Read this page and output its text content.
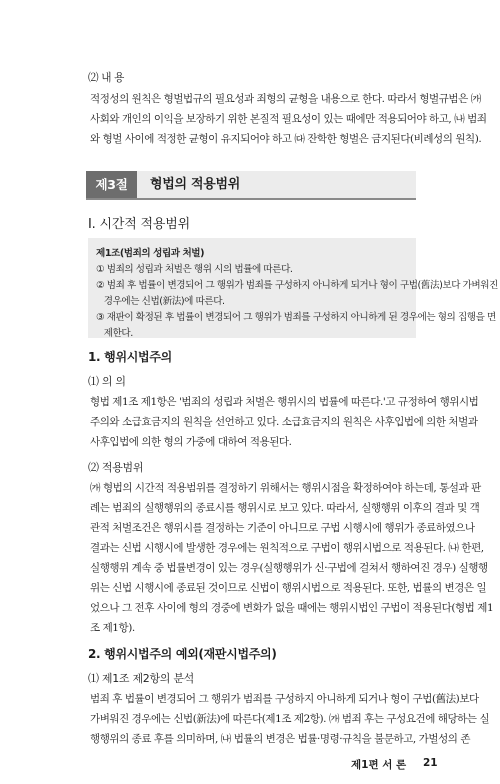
⑵ 내 용
적정성의 원칙은 형벌법규의 필요성과 죄형의 균형을 내용으로 한다. 따라서 형벌규범은 ㈎
사회와 개인의 이익을 보장하기 위한 본질적 필요성이 있는 때에만 적용되어야 하고, ㈏ 범죄
와 형벌 사이에 적정한 균형이 유지되어야 하고 ㈐ 잔학한 형벌은 금지된다(비례성의 원칙).
제3절	형법의 적용범위
Ⅰ. 시간적 적용범위
제1조(범죄의 성립과 처벌)
① 범죄의 성립과 처벌은 행위 시의 법률에 따른다.
② 범죄 후 법률이 변경되어 그 행위가 범죄를 구성하지 아니하게 되거나 형이 구법(舊法)보다 가벼워진
경우에는 신법(新法)에 따른다.
③ 재판이 확정된 후 법률이 변경되어 그 행위가 범죄를 구성하지 아니하게 된 경우에는 형의 집행을 면
제한다.
1. 행위시법주의
⑴ 의 의
형법 제1조 제1항은 '범죄의 성립과 처벌은 행위시의 법률에 따른다.'고 규정하여 행위시법
주의와 소급효금지의 원칙을 선언하고 있다. 소급효금지의 원칙은 사후입법에 의한 처벌과
사후입법에 의한 형의 가중에 대하여 적용된다.
⑵ 적용범위
㈎ 형법의 시간적 적용범위를 결정하기 위해서는 행위시점을 확정하여야 하는데, 통설과 판
례는 범죄의 실행행위의 종료시를 행위시로 보고 있다. 따라서, 실행행위 이후의 결과 및 객
관적 처벌조건은 행위시를 결정하는 기준이 아니므로 구법 시행시에 행위가 종료하였으나
결과는 신법 시행시에 발생한 경우에는 원칙적으로 구법이 행위시법으로 적용된다. ㈏ 한편,
실행행위 계속 중 법률변경이 있는 경우(실행행위가 신·구법에 걸쳐서 행하여진 경우) 실행행
위는 신법 시행시에 종료된 것이므로 신법이 행위시법으로 적용된다. 또한, 법률의 변경은 일
었으나 그 전후 사이에 형의 경중에 변화가 없을 때에는 행위시법인 구법이 적용된다(형법 제1
조 제1항).
2. 행위시법주의 예외(재판시법주의)
⑴ 제1조 제2항의 분석
범죄 후 법률이 변경되어 그 행위가 범죄를 구성하지 아니하게 되거나 형이 구법(舊法)보다
가벼워진 경우에는 신법(新法)에 따른다(제1조 제2항). ㈎ 범죄 후는 구성요건에 해당하는 실
행행위의 종료 후를 의미하며, ㈏ 법률의 변경은 법률·명령·규칙을 불문하고, 가벌성의 존
제1편 서 론 21
